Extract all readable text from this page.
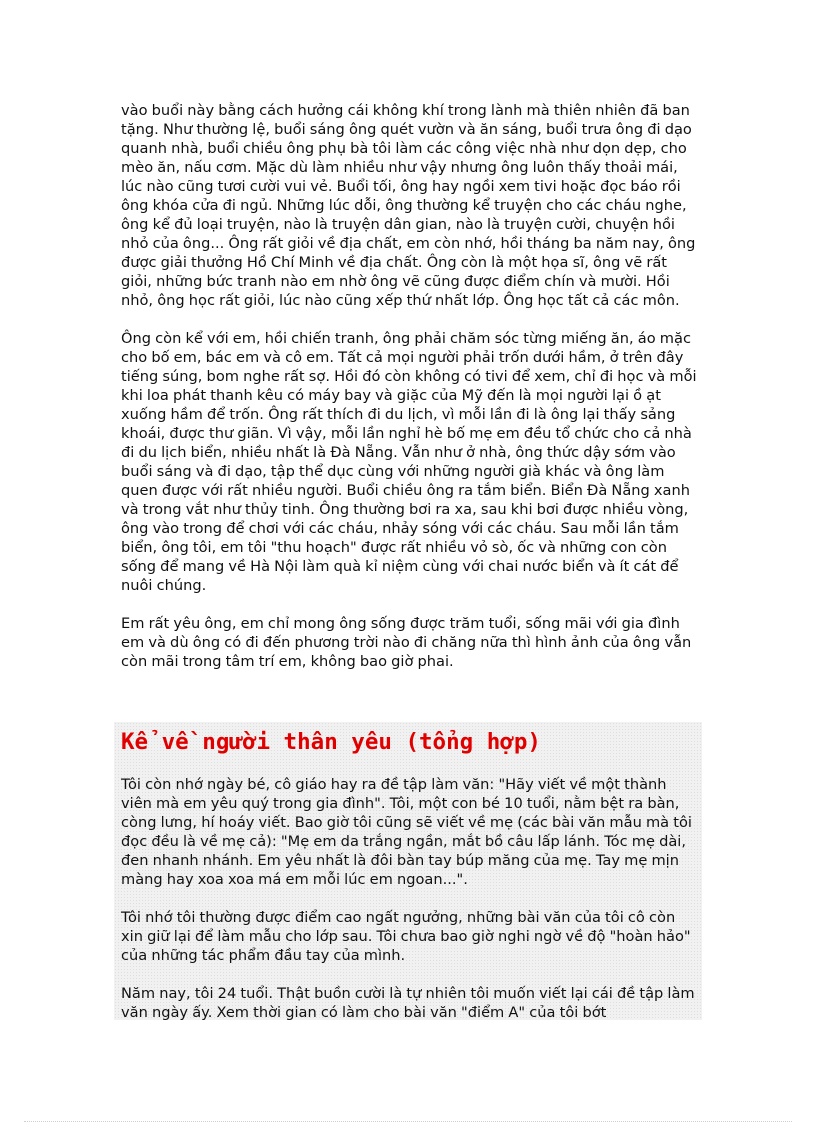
vào buổi này bằng cách hưởng cái không khí trong lành mà thiên nhiên đã ban tặng. Như thường lệ, buổi sáng ông quét vườn và ăn sáng, buổi trưa ông đi dạo quanh nhà, buổi chiều ông phụ bà tôi làm các công việc nhà như dọn dẹp, cho mèo ăn, nấu cơm. Mặc dù làm nhiều như vậy nhưng ông luôn thấy thoải mái, lúc nào cũng tươi cười vui vẻ. Buổi tối, ông hay ngồi xem tivi hoặc đọc báo rồi ông khóa cửa đi ngủ. Những lúc dỗi, ông thường kể truyện cho các cháu nghe, ông kể đủ loại truyện, nào là truyện dân gian, nào là truyện cười, chuyện hồi nhỏ của ông... Ông rất giỏi về địa chất, em còn nhớ, hồi tháng ba năm nay, ông được giải thưởng Hồ Chí Minh về địa chất. Ông còn là một họa sĩ, ông vẽ rất giỏi, những bức tranh nào em nhờ ông vẽ cũng được điểm chín và mười. Hồi nhỏ, ông học rất giỏi, lúc nào cũng xếp thứ nhất lớp. Ông học tất cả các môn.

Ông còn kể với em, hồi chiến tranh, ông phải chăm sóc từng miếng ăn, áo mặc cho bố em, bác em và cô em. Tất cả mọi người phải trốn dưới hầm, ở trên đây tiếng súng, bom nghe rất sợ. Hồi đó còn không có tivi để xem, chỉ đi học và mỗi khi loa phát thanh kêu có máy bay và giặc của Mỹ đến là mọi người lại ồ ạt xuống hầm để trốn. Ông rất thích đi du lịch, vì mỗi lần đi là ông lại thấy sảng khoái, được thư giãn. Vì vậy, mỗi lần nghỉ hè bố mẹ em đều tổ chức cho cả nhà đi du lịch biển, nhiều nhất là Đà Nẵng. Vẫn như ở nhà, ông thức dậy sớm vào buổi sáng và đi dạo, tập thể dục cùng với những người già khác và ông làm quen được với rất nhiều người. Buổi chiều ông ra tắm biển. Biển Đà Nẵng xanh và trong vắt như thủy tinh. Ông thường bơi ra xa, sau khi bơi được nhiều vòng, ông vào trong để chơi với các cháu, nhảy sóng với các cháu. Sau mỗi lần tắm biển, ông tôi, em tôi "thu hoạch" được rất nhiều vỏ sò, ốc và những con còn sống để mang về Hà Nội làm quà kỉ niệm cùng với chai nước biển và ít cát để nuôi chúng.

Em rất yêu ông, em chỉ mong ông sống được trăm tuổi, sống mãi với gia đình em và dù ông có đi đến phương trời nào đi chăng nữa thì hình ảnh của ông vẫn còn mãi trong tâm trí em, không bao giờ phai.

Kể về người thân yêu (tổng hợp)

Tôi còn nhớ ngày bé, cô giáo hay ra đề tập làm văn: "Hãy viết về một thành viên mà em yêu quý trong gia đình". Tôi, một con bé 10 tuổi, nằm bệt ra bàn, còng lưng, hí hoáy viết. Bao giờ tôi cũng sẽ viết về mẹ (các bài văn mẫu mà tôi đọc đều là về mẹ cả): "Mẹ em da trắng ngần, mắt bồ câu lấp lánh. Tóc mẹ dài, đen nhanh nhánh. Em yêu nhất là đôi bàn tay búp măng của mẹ. Tay mẹ mịn màng hay xoa xoa má em mỗi lúc em ngoan...".

Tôi nhớ tôi thường được điểm cao ngất ngưởng, những bài văn của tôi cô còn xin giữ lại để làm mẫu cho lớp sau. Tôi chưa bao giờ nghi ngờ về độ "hoàn hảo" của những tác phẩm đầu tay của mình.

Năm nay, tôi 24 tuổi. Thật buồn cười là tự nhiên tôi muốn viết lại cái đề tập làm văn ngày ấy. Xem thời gian có làm cho bài văn "điểm A" của tôi bớt
